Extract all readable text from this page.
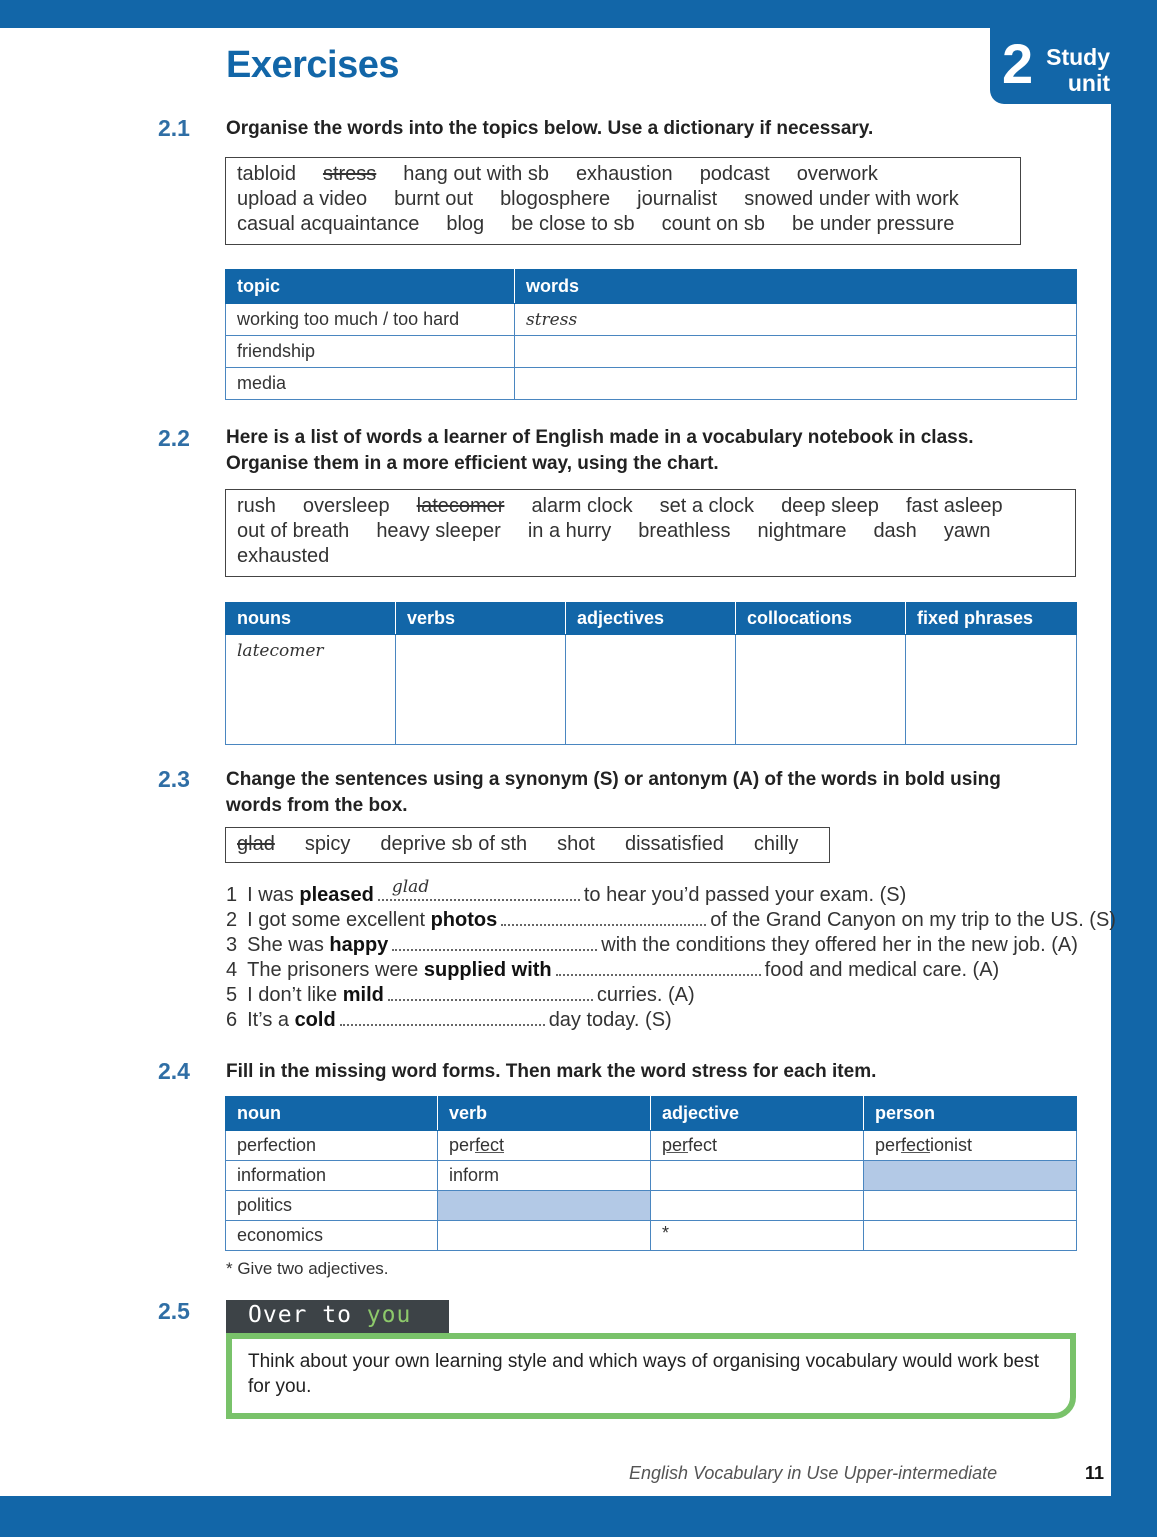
2 Study
unit
Exercises
2.1 Organise the words into the topics below. Use a dictionary if necessary.
tabloid stress hang out with sb exhaustion podcast overwork
upload a video burnt out blogosphere journalist snowed under with work
casual acquaintance blog be close to sb count on sb be under pressure
topic	words
working too much / too hard	stress
friendship	
media	
2.2 Here is a list of words a learner of English made in a vocabulary notebook in class.
Organise them in a more efficient way, using the chart.
rush oversleep latecomer alarm clock set a clock deep sleep fast asleep
out of breath heavy sleeper in a hurry breathless nightmare dash yawn
exhausted
nouns	verbs	adjectives	collocations	fixed phrases
latecomer				
2.3 Change the sentences using a synonym (S) or antonym (A) of the words in bold using
words from the box.
glad spicy deprive sb of sth shot dissatisfied chilly
1 I was pleased glad	to hear you’d passed your exam. (S)
2 I got some excellent photos	of the Grand Canyon on my trip to the US. (S)
3 She was happy	with the conditions they offered her in the new job. (A)
4 The prisoners were supplied with	food and medical care. (A)
5 I don’t like mild	curries. (A)
6 It’s a cold	day today. (S)
2.4 Fill in the missing word forms. Then mark the word stress for each item.
noun	verb	adjective	person
perfection	perfect	perfect	perfectionist
information	inform		
politics			
economics		*	
* Give two adjectives.
2.5	Over to you
Think about your own learning style and which ways of organising vocabulary would work best for you.
English Vocabulary in Use Upper-intermediate	11
